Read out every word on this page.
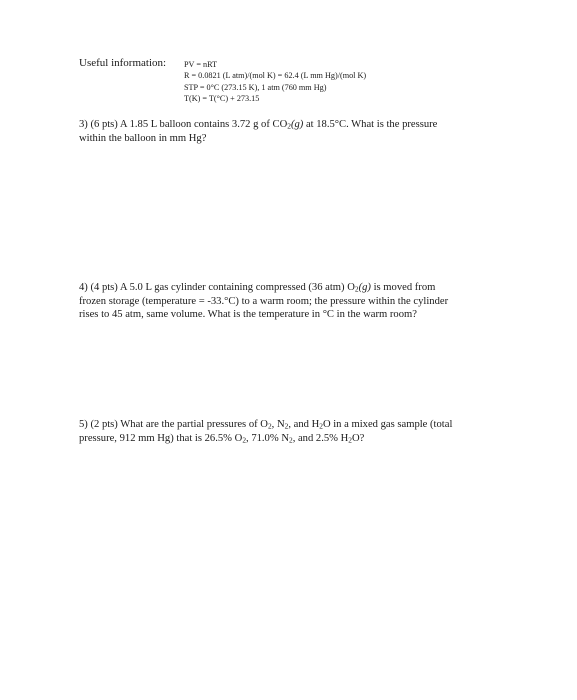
Useful information: PV = nRT
R = 0.0821 (L atm)/(mol K) = 62.4 (L mm Hg)/(mol K)
STP = 0°C (273.15 K), 1 atm (760 mm Hg)
T(K) = T(°C) + 273.15
3) (6 pts) A 1.85 L balloon contains 3.72 g of $CO_2(g)$ at 18.5°C. What is the pressure
within the balloon in mm Hg?
4) (4 pts) A 5.0 L gas cylinder containing compressed (36 atm) $O_2(g)$ is moved from
frozen storage (temperature = -33.°C) to a warm room; the pressure within the cylinder
rises to 45 atm, same volume. What is the temperature in °C in the warm room?
5) (2 pts) What are the partial pressures of $O_2$, $N_2$, and $H_2O$ in a mixed gas sample (total
pressure, 912 mm Hg) that is 26.5% $O_2$, 71.0% $N_2$, and 2.5% $H_2O$?
